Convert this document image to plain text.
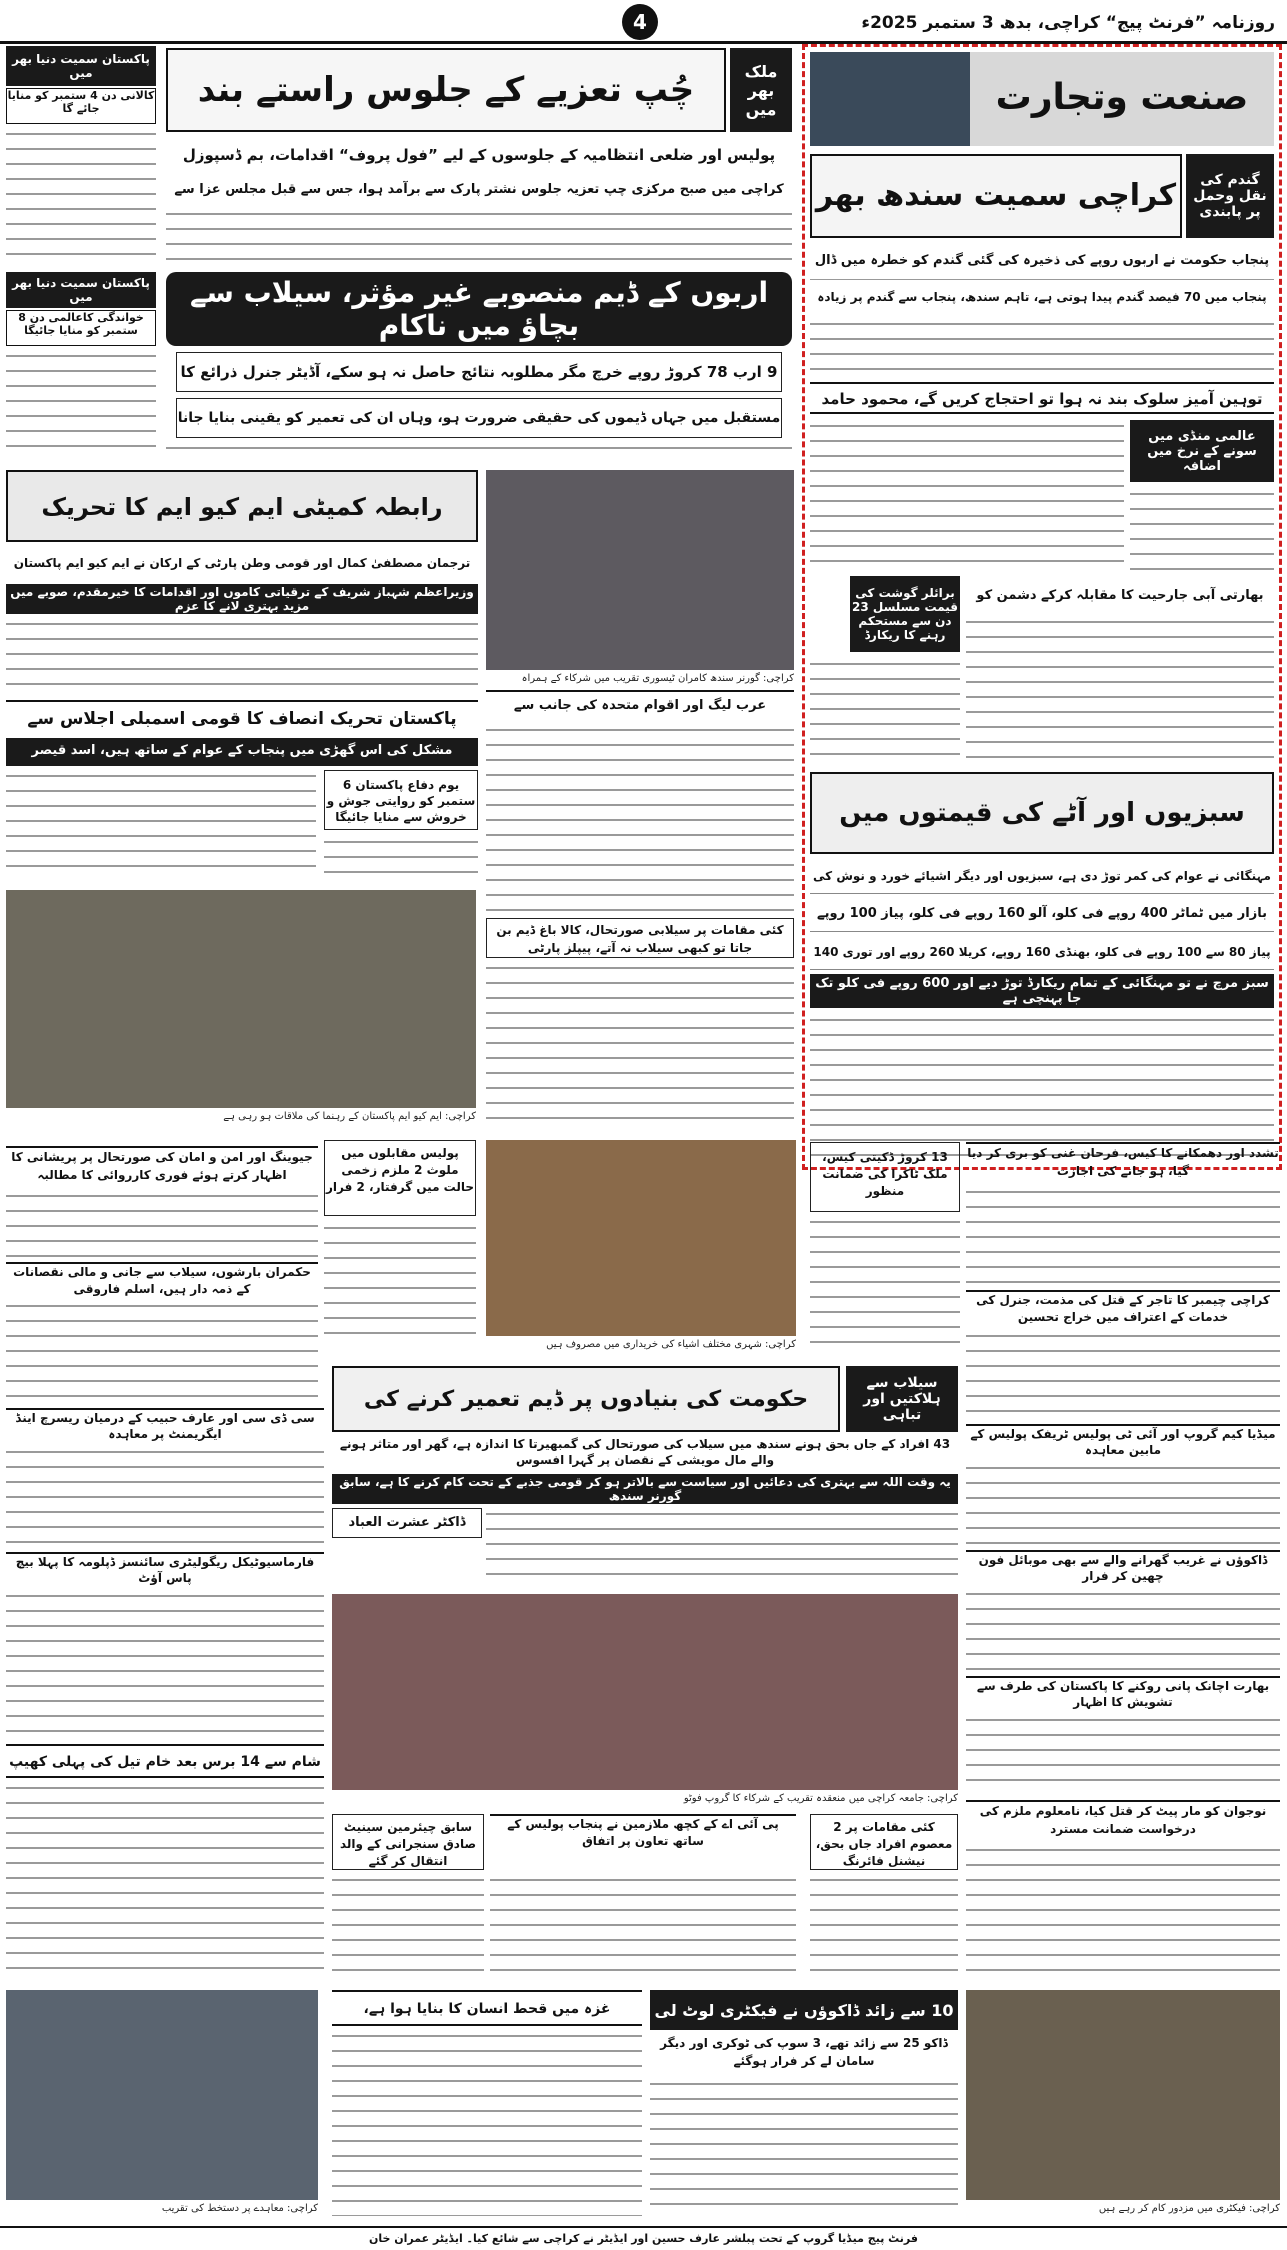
روزنامہ ”فرنٹ پیج“ کراچی، بدھ 3 ستمبر 2025ء
4
پاکستان سمیت دنیا بھر میں
کالانی دن 4 ستمبر کو منایا جائے گا
پاکستان سمیت دنیا بھر میں
خواندگی کاعالمی دن 8 ستمبر کو منایا جائیگا
ملک بھر میں
چُپ تعزیے کے جلوس راستے بند
پولیس اور ضلعی انتظامیہ کے جلوسوں کے لیے ”فول پروف“ اقدامات، بم ڈسپوزل
کراچی میں صبح مرکزی چپ تعزیہ جلوس نشتر پارک سے برآمد ہوا، جس سے قبل مجلس عزا سے
اربوں کے ڈیم منصوبے غیر مؤثر، سیلاب سے بچاؤ میں ناکام
9 ارب 78 کروڑ روپے خرچ مگر مطلوبہ نتائج حاصل نہ ہو سکے، آڈیٹر جنرل ذرائع کا
مستقبل میں جہاں ڈیموں کی حقیقی ضرورت ہو، وہاں ان کی تعمیر کو یقینی بنایا جانا
صنعت وتجارت
گندم کی نقل وحمل پر پابندی
کراچی سمیت سندھ بھر
پنجاب حکومت نے اربوں روپے کی ذخیرہ کی گئی گندم کو خطرہ میں ڈال
پنجاب میں 70 فیصد گندم پیدا ہوتی ہے، تاہم سندھ، پنجاب سے گندم پر زیادہ
توہین آمیز سلوک بند نہ ہوا تو احتجاج کریں گے، محمود حامد
عالمی منڈی میں سونے کے نرخ میں اضافہ
برائلر گوشت کی قیمت مسلسل 23 دن سے مستحکم رہنے کا ریکارڈ
بھارتی آبی جارحیت کا مقابلہ کرکے دشمن کو
سبزیوں اور آٹے کی قیمتوں میں
مہنگائی نے عوام کی کمر توڑ دی ہے، سبزیوں اور دیگر اشیائے خورد و نوش کی
بازار میں ٹماٹر 400 روپے فی کلو، آلو 160 روپے فی کلو، پیاز 100 روپے
پیاز 80 سے 100 روپے فی کلو، بھنڈی 160 روپے، کریلا 260 روپے اور توری 140
سبز مرچ نے تو مہنگائی کے تمام ریکارڈ توڑ دیے اور 600 روپے فی کلو تک جا پہنچی ہے
رابطہ کمیٹی ایم کیو ایم کا تحریک
ترجمان مصطفیٰ کمال اور قومی وطن پارٹی کے ارکان نے ایم کیو ایم پاکستان
وزیراعظم شہباز شریف کے ترقیاتی کاموں اور اقدامات کا خیرمقدم، صوبے میں مزید بہتری لانے کا عزم
پاکستان تحریک انصاف کا قومی اسمبلی اجلاس سے
مشکل کی اس گھڑی میں پنجاب کے عوام کے ساتھ ہیں، اسد قیصر
یوم دفاع پاکستان 6 ستمبر کو روایتی جوش و خروش سے منایا جائیگا
کراچی: گورنر سندھ کامران ٹیسوری تقریب میں شرکاء کے ہمراہ
عرب لیگ اور اقوام متحدہ کی جانب سے
کئی مقامات پر سیلابی صورتحال، کالا باغ ڈیم بن جاتا تو کبھی سیلاب نہ آتے، پیپلز پارٹی
کراچی: ایم کیو ایم پاکستان کے رہنما کی ملاقات ہو رہی ہے
جیوینگ اور امن و امان کی صورتحال پر پریشانی کا اظہار کرتے ہوئے فوری کارروائی کا مطالبہ
حکمران بارشوں، سیلاب سے جانی و مالی نقصانات کے ذمہ دار ہیں، اسلم فاروقی
پولیس مقابلوں میں ملوث 2 ملزم زخمی حالت میں گرفتار، 2 فرار
کراچی: شہری مختلف اشیاء کی خریداری میں مصروف ہیں
13 کروڑ ڈکیتی کیس، ملک ٹاکرا کی ضمانت منظور
تشدد اور دھمکانے کا کیس، فرحان غنی کو بری کر دیا گیا، ہو جانے کی اجازت
کراچی چیمبر کا تاجر کے قتل کی مذمت، جنرل کی خدمات کے اعتراف میں خراج تحسین
میڈیا کیم گروپ اور آئی ٹی پولیس ٹریفک پولیس کے مابین معاہدہ
ڈاکوؤں نے غریب گھرانے والے سے بھی موبائل فون چھین کر فرار
بھارت اچانک پانی روکنے کا پاکستان کی طرف سے تشویش کا اظہار
سیلاب سے ہلاکتیں اور تباہی
حکومت کی بنیادوں پر ڈیم تعمیر کرنے کی
43 افراد کے جاں بحق ہونے سندھ میں سیلاب کی صورتحال کی گمبھیرتا کا اندازہ ہے، گھر اور متاثر ہونے والے مال مویشی کے نقصان پر گہرا افسوس
یہ وقت اللہ سے بہتری کی دعائیں اور سیاست سے بالاتر ہو کر قومی جذبے کے تحت کام کرنے کا ہے، سابق گورنر سندھ
ڈاکٹر عشرت العباد
سی ڈی سی اور عارف حبیب کے درمیان ریسرچ اینڈ ایگریمنٹ پر معاہدہ
فارماسیوٹیکل ریگولیٹری سائنسز ڈپلومہ کا پہلا بیچ پاس آؤٹ
شام سے 14 برس بعد خام تیل کی پہلی کھیپ
کراچی: جامعہ کراچی میں منعقدہ تقریب کے شرکاء کا گروپ فوٹو
سابق چیئرمین سینیٹ صادق سنجرانی کے والد انتقال کر گئے
پی آئی اے کے کچھ ملازمین نے پنجاب پولیس کے ساتھ تعاون پر اتفاق
کئی مقامات پر 2 معصوم افراد جاں بحق، نیشنل فائرنگ
نوجوان کو مار پیٹ کر قتل کیا، نامعلوم ملزم کی درخواست ضمانت مسترد
کراچی: معاہدے پر دستخط کی تقریب
غزہ میں قحط انسان کا بنایا ہوا ہے،	10 سے زائد ڈاکوؤں نے فیکٹری لوٹ لی
ڈاکو 25 سے زائد تھے، 3 سوپ کی ٹوکری اور دیگر سامان لے کر فرار ہوگئے
کراچی: فیکٹری میں مزدور کام کر رہے ہیں
فرنٹ پیج میڈیا گروپ کے تحت پبلشر عارف حسین اور ایڈیٹر نے کراچی سے شائع کیا۔ ایڈیٹر عمران خان
